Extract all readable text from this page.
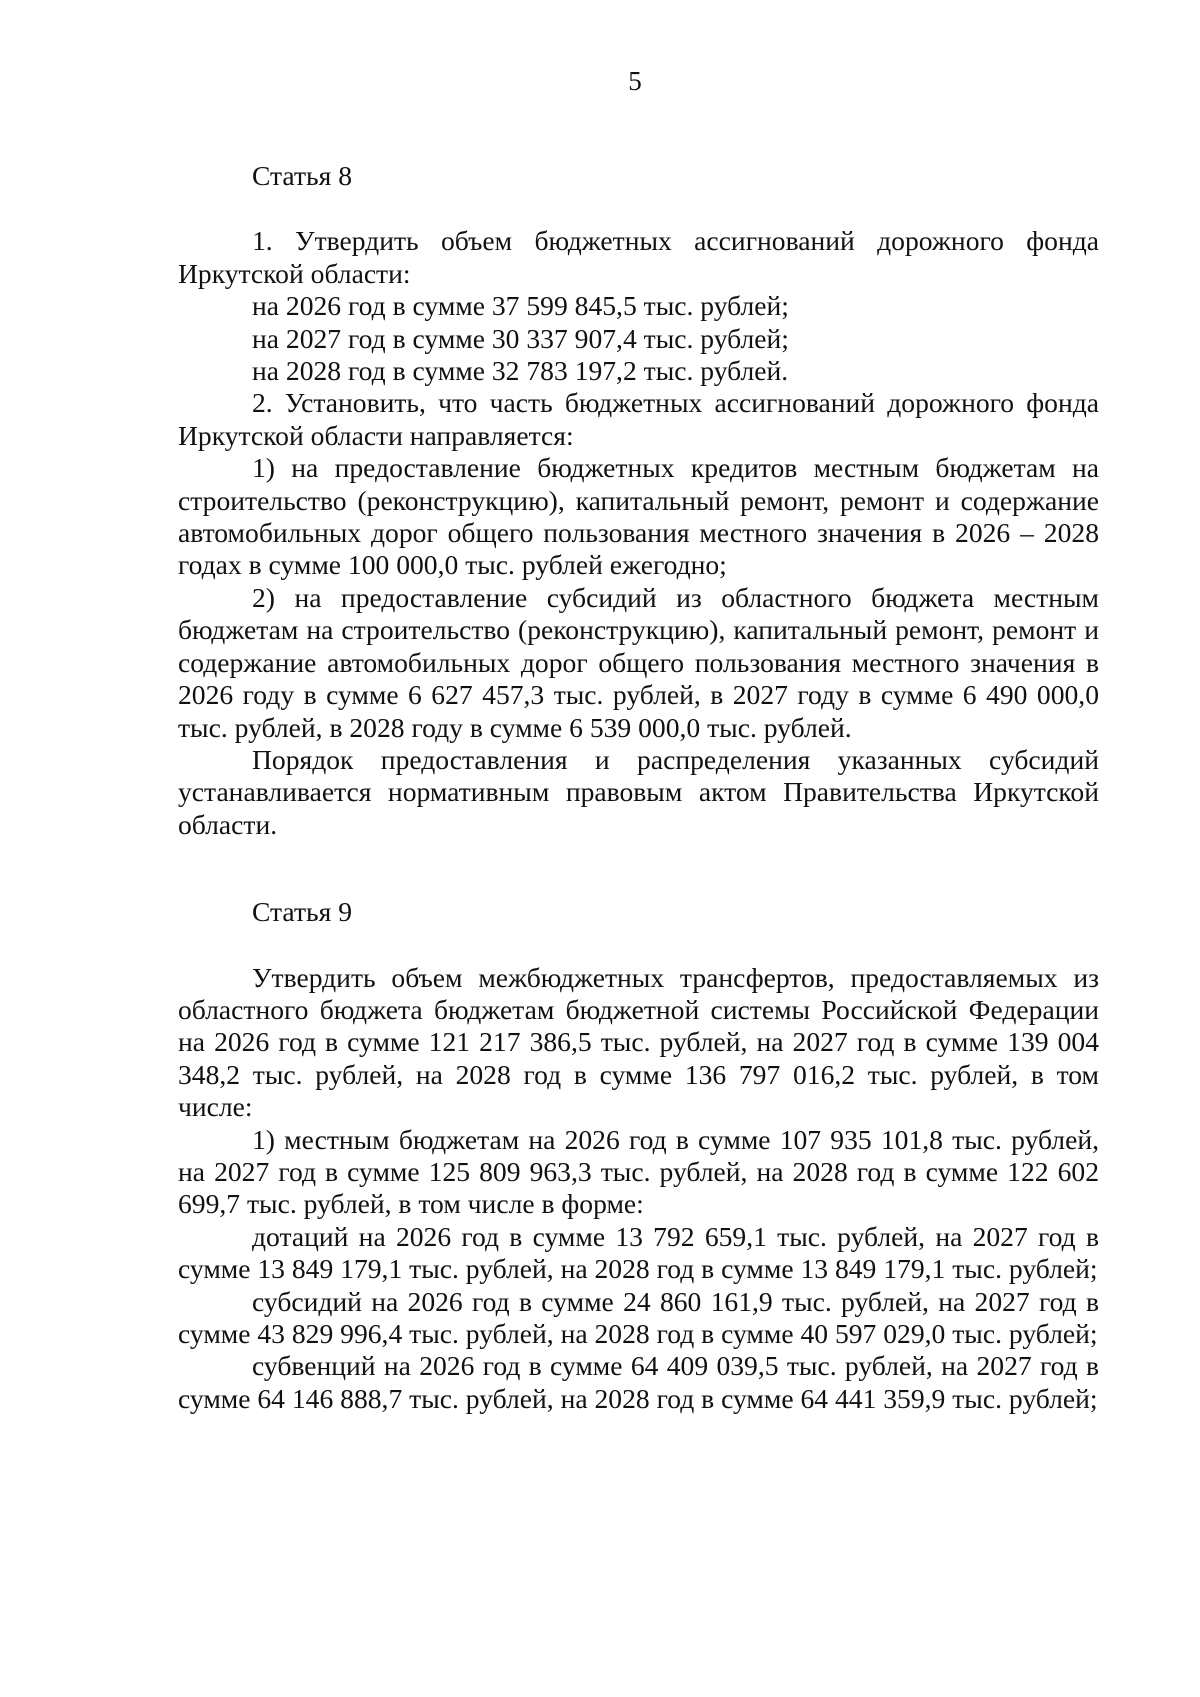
5
Статья 8

1. Утвердить объем бюджетных ассигнований дорожного фонда Иркутской области:

на 2026 год в сумме 37 599 845,5 тыс. рублей;

на 2027 год в сумме 30 337 907,4 тыс. рублей;

на 2028 год в сумме 32 783 197,2 тыс. рублей.

2. Установить, что часть бюджетных ассигнований дорожного фонда Иркутской области направляется:

1) на предоставление бюджетных кредитов местным бюджетам на строительство (реконструкцию), капитальный ремонт, ремонт и содержание автомобильных дорог общего пользования местного значения в 2026 – 2028 годах в сумме 100 000,0 тыс. рублей ежегодно;

2) на предоставление субсидий из областного бюджета местным бюджетам на строительство (реконструкцию), капитальный ремонт, ремонт и содержание автомобильных дорог общего пользования местного значения в 2026 году в сумме 6 627 457,3 тыс. рублей, в 2027 году в сумме 6 490 000,0 тыс. рублей, в 2028 году в сумме 6 539 000,0 тыс. рублей.

Порядок предоставления и распределения указанных субсидий устанавливается нормативным правовым актом Правительства Иркутской области.

Статья 9

Утвердить объем межбюджетных трансфертов, предоставляемых из областного бюджета бюджетам бюджетной системы Российской Федерации на 2026 год в сумме 121 217 386,5 тыс. рублей, на 2027 год в сумме 139 004 348,2 тыс. рублей, на 2028 год в сумме 136 797 016,2 тыс. рублей, в том числе:

1) местным бюджетам на 2026 год в сумме 107 935 101,8 тыс. рублей, на 2027 год в сумме 125 809 963,3 тыс. рублей, на 2028 год в сумме 122 602 699,7 тыс. рублей, в том числе в форме:

дотаций на 2026 год в сумме 13 792 659,1 тыс. рублей, на 2027 год в сумме 13 849 179,1 тыс. рублей, на 2028 год в сумме 13 849 179,1 тыс. рублей;

субсидий на 2026 год в сумме 24 860 161,9 тыс. рублей, на 2027 год в сумме 43 829 996,4 тыс. рублей, на 2028 год в сумме 40 597 029,0 тыс. рублей;

субвенций на 2026 год в сумме 64 409 039,5 тыс. рублей, на 2027 год в сумме 64 146 888,7 тыс. рублей, на 2028 год в сумме 64 441 359,9 тыс. рублей;
